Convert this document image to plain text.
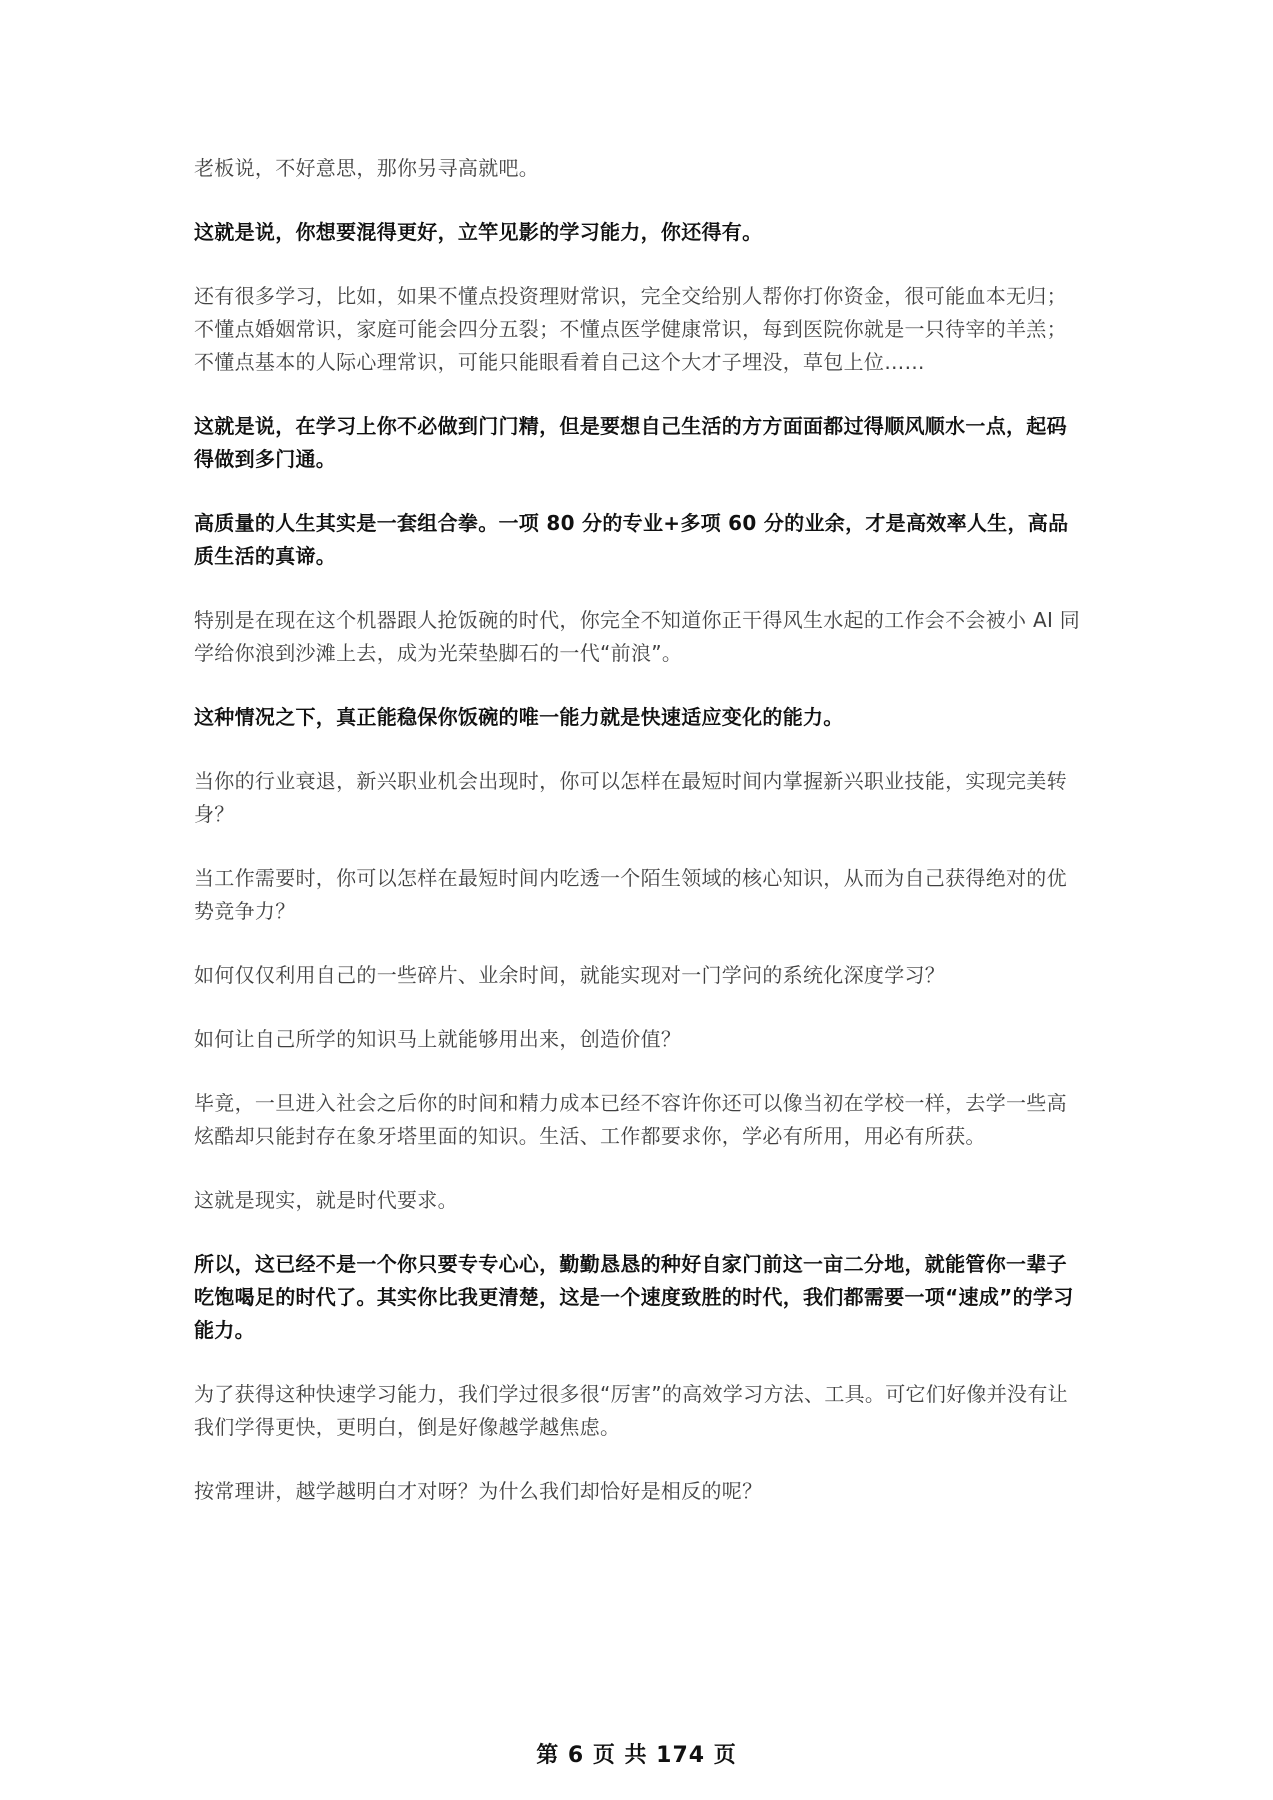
老板说，不好意思，那你另寻高就吧。

这就是说，你想要混得更好，立竿见影的学习能力，你还得有。

还有很多学习，比如，如果不懂点投资理财常识，完全交给别人帮你打你资金，很可能血本无归；不懂点婚姻常识，家庭可能会四分五裂；不懂点医学健康常识，每到医院你就是一只待宰的羊羔；不懂点基本的人际心理常识，可能只能眼看着自己这个大才子埋没，草包上位……

这就是说，在学习上你不必做到门门精，但是要想自己生活的方方面面都过得顺风顺水一点，起码得做到多门通。

高质量的人生其实是一套组合拳。一项 80 分的专业+多项 60 分的业余，才是高效率人生，高品质生活的真谛。

特别是在现在这个机器跟人抢饭碗的时代，你完全不知道你正干得风生水起的工作会不会被小 AI 同学给你浪到沙滩上去，成为光荣垫脚石的一代“前浪”。

这种情况之下，真正能稳保你饭碗的唯一能力就是快速适应变化的能力。

当你的行业衰退，新兴职业机会出现时，你可以怎样在最短时间内掌握新兴职业技能，实现完美转身？

当工作需要时，你可以怎样在最短时间内吃透一个陌生领域的核心知识，从而为自己获得绝对的优势竞争力？

如何仅仅利用自己的一些碎片、业余时间，就能实现对一门学问的系统化深度学习？

如何让自己所学的知识马上就能够用出来，创造价值？

毕竟，一旦进入社会之后你的时间和精力成本已经不容许你还可以像当初在学校一样，去学一些高炫酷却只能封存在象牙塔里面的知识。生活、工作都要求你，学必有所用，用必有所获。

这就是现实，就是时代要求。

所以，这已经不是一个你只要专专心心，勤勤恳恳的种好自家门前这一亩二分地，就能管你一辈子吃饱喝足的时代了。其实你比我更清楚，这是一个速度致胜的时代，我们都需要一项“速成”的学习能力。

为了获得这种快速学习能力，我们学过很多很“厉害”的高效学习方法、工具。可它们好像并没有让我们学得更快，更明白，倒是好像越学越焦虑。

按常理讲，越学越明白才对呀？为什么我们却恰好是相反的呢？

第 6 页 共 174 页
